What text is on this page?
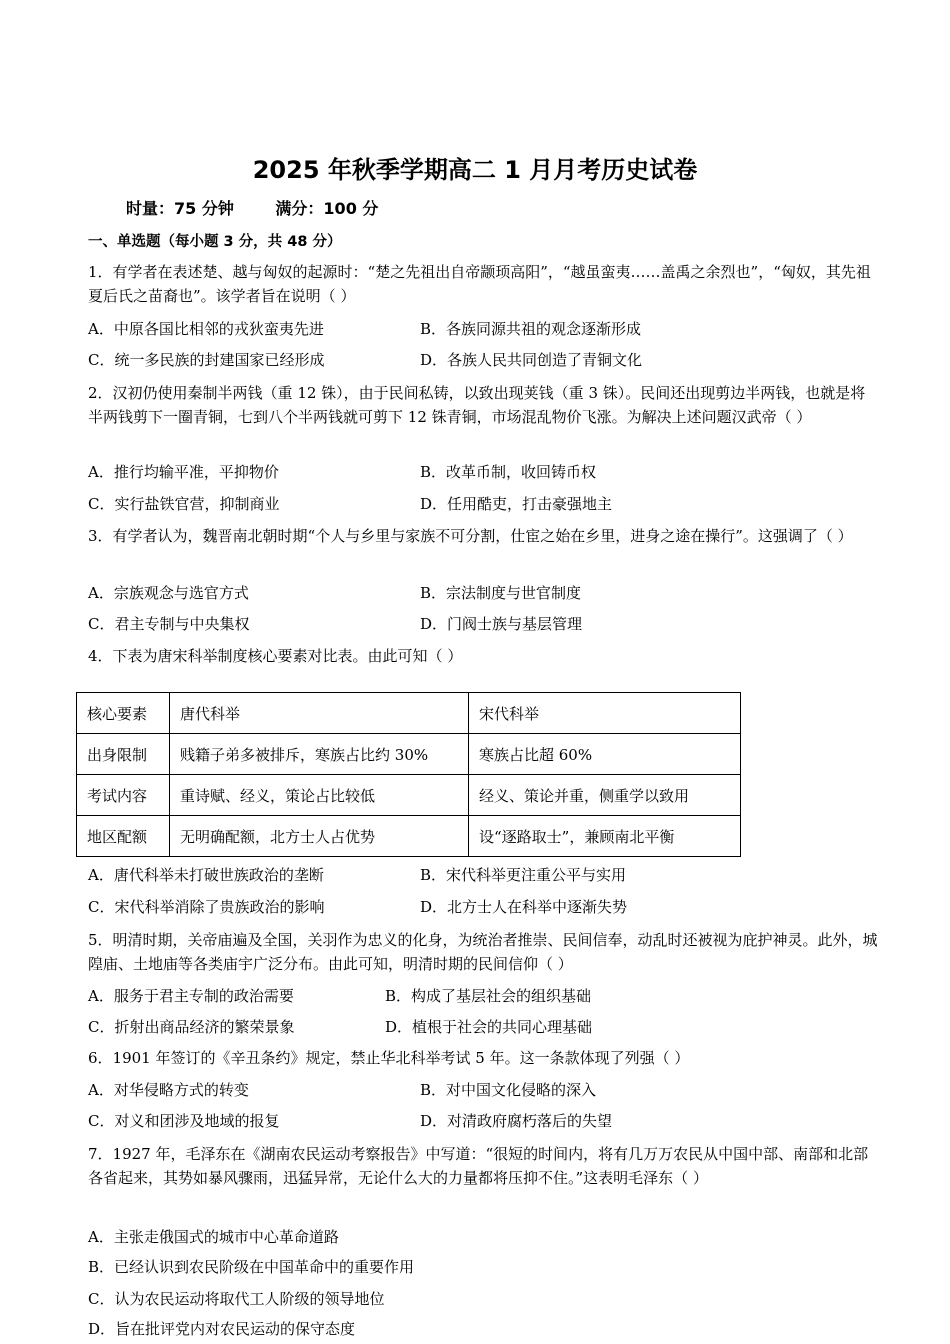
2025 年秋季学期高二 1 月月考历史试卷
时量：75 分钟	满分：100 分
一、单选题（每小题 3 分，共 48 分）
1．有学者在表述楚、越与匈奴的起源时：“楚之先祖出自帝颛顼高阳”，“越虽蛮夷……盖禹之余烈也”，“匈奴，其先祖夏后氏之苗裔也”。该学者旨在说明（ ）
A．中原各国比相邻的戎狄蛮夷先进	B．各族同源共祖的观念逐渐形成
C．统一多民族的封建国家已经形成	D．各族人民共同创造了青铜文化
2．汉初仍使用秦制半两钱（重 12 铢），由于民间私铸，以致出现荚钱（重 3 铢）。民间还出现剪边半两钱，也就是将半两钱剪下一圈青铜，七到八个半两钱就可剪下 12 铢青铜，市场混乱物价飞涨。为解决上述问题汉武帝（ ）
A．推行均输平准，平抑物价	B．改革币制，收回铸币权
C．实行盐铁官营，抑制商业	D．任用酷吏，打击豪强地主
3．有学者认为，魏晋南北朝时期“个人与乡里与家族不可分割，仕宦之始在乡里，进身之途在操行”。这强调了（ ）
A．宗族观念与选官方式	B．宗法制度与世官制度
C．君主专制与中央集权	D．门阀士族与基层管理
4．下表为唐宋科举制度核心要素对比表。由此可知（ ）
核心要素	唐代科举	宋代科举
出身限制	贱籍子弟多被排斥，寒族占比约 30%	寒族占比超 60%
考试内容	重诗赋、经义，策论占比较低	经义、策论并重，侧重学以致用
地区配额	无明确配额，北方士人占优势	设“逐路取士”，兼顾南北平衡
A．唐代科举未打破世族政治的垄断	B．宋代科举更注重公平与实用
C．宋代科举消除了贵族政治的影响	D．北方士人在科举中逐渐失势
5．明清时期，关帝庙遍及全国，关羽作为忠义的化身，为统治者推崇、民间信奉，动乱时还被视为庇护神灵。此外，城隍庙、土地庙等各类庙宇广泛分布。由此可知，明清时期的民间信仰（ ）
A．服务于君主专制的政治需要	B．构成了基层社会的组织基础
C．折射出商品经济的繁荣景象	D．植根于社会的共同心理基础
6．1901 年签订的《辛丑条约》规定，禁止华北科举考试 5 年。这一条款体现了列强（ ）
A．对华侵略方式的转变	B．对中国文化侵略的深入
C．对义和团涉及地域的报复	D．对清政府腐朽落后的失望
7．1927 年，毛泽东在《湖南农民运动考察报告》中写道：“很短的时间内，将有几万万农民从中国中部、南部和北部各省起来，其势如暴风骤雨，迅猛异常，无论什么大的力量都将压抑不住。”这表明毛泽东（ ）
A．主张走俄国式的城市中心革命道路
B．已经认识到农民阶级在中国革命中的重要作用
C．认为农民运动将取代工人阶级的领导地位
D．旨在批评党内对农民运动的保守态度
